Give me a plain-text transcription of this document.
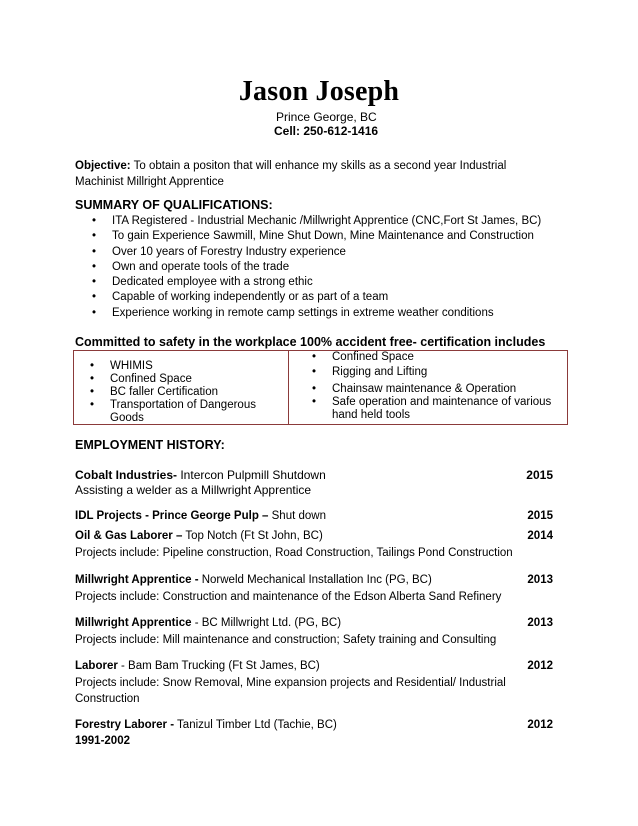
Jason Joseph
Prince George, BC
Cell: 250-612-1416
Objective: To obtain a positon that will enhance my skills as a second year Industrial Machinist Millright Apprentice
SUMMARY OF QUALIFICATIONS:
• ITA Registered - Industrial Mechanic /Millwright Apprentice (CNC,Fort St James, BC)
• To gain Experience Sawmill, Mine Shut Down, Mine Maintenance and Construction
• Over 10 years of Forestry Industry experience
• Own and operate tools of the trade
• Dedicated employee with a strong ethic
• Capable of working independently or as part of a team
• Experience working in remote camp settings in extreme weather conditions
Committed to safety in the workplace 100% accident free- certification includes
• WHIMIS
• Confined Space
• BC faller Certification
• Transportation of Dangerous Goods
• Confined Space
• Rigging and Lifting
• Chainsaw maintenance & Operation
• Safe operation and maintenance of various hand held tools
EMPLOYMENT HISTORY:
Cobalt Industries- Intercon Pulpmill Shutdown	2015
Assisting a welder as a Millwright Apprentice
IDL Projects - Prince George Pulp – Shut down	2015
Oil & Gas Laborer – Top Notch (Ft St John, BC)	2014
Projects include: Pipeline construction, Road Construction, Tailings Pond Construction
Millwright Apprentice - Norweld Mechanical Installation Inc (PG, BC)	2013
Projects include: Construction and maintenance of the Edson Alberta Sand Refinery
Millwright Apprentice - BC Millwright Ltd. (PG, BC)	2013
Projects include: Mill maintenance and construction; Safety training and Consulting
Laborer - Bam Bam Trucking (Ft St James, BC)	2012
Projects include: Snow Removal, Mine expansion projects and Residential/ Industrial Construction
Forestry Laborer - Tanizul Timber Ltd (Tachie, BC)	2012
1991-2002
